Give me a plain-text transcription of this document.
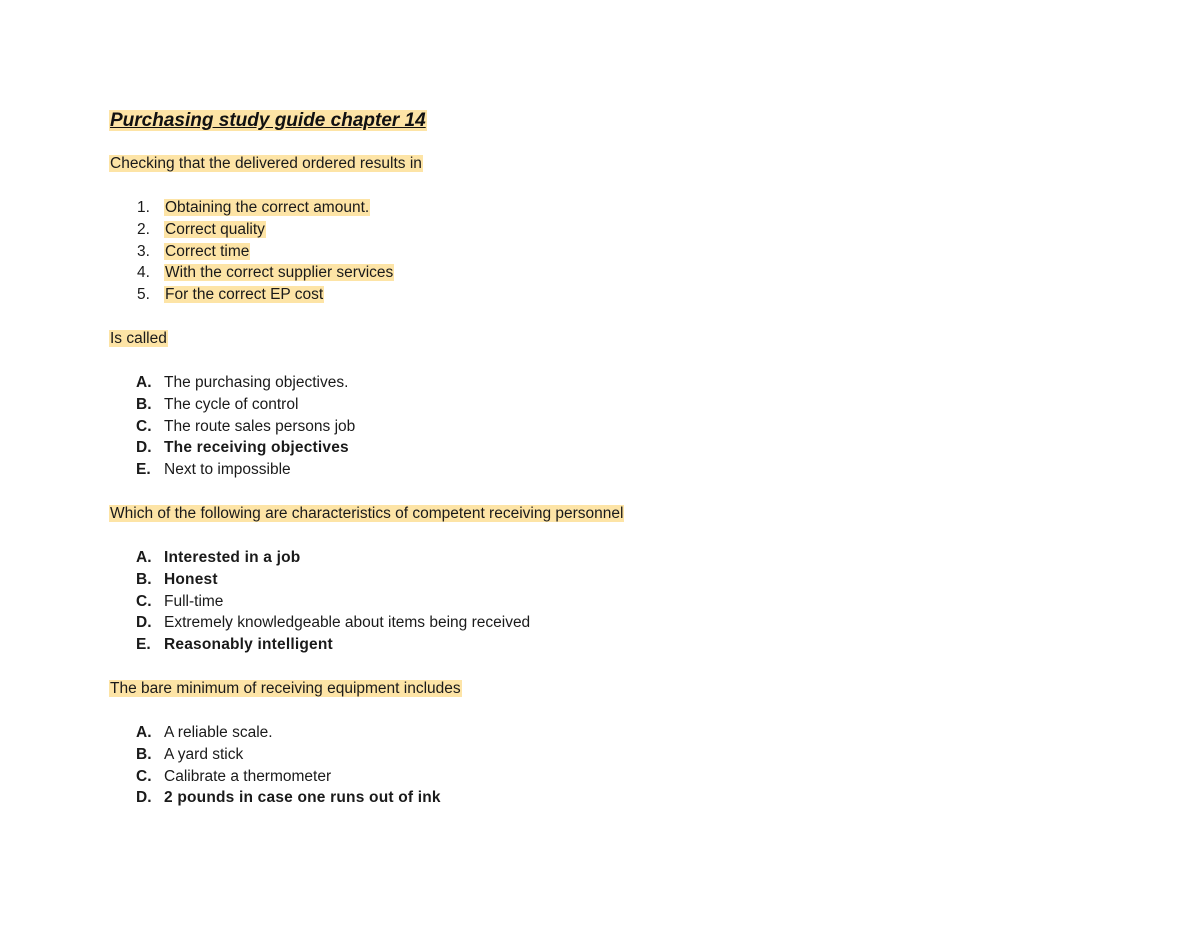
Purchasing study guide chapter 14
Checking that the delivered ordered results in
1. Obtaining the correct amount.
2. Correct quality
3. Correct time
4. With the correct supplier services
5. For the correct EP cost
Is called
A. The purchasing objectives.
B. The cycle of control
C. The route sales persons job
D. The receiving objectives
E. Next to impossible
Which of the following are characteristics of competent receiving personnel
A. Interested in a job
B. Honest
C. Full-time
D. Extremely knowledgeable about items being received
E. Reasonably intelligent
The bare minimum of receiving equipment includes
A. A reliable scale.
B. A yard stick
C. Calibrate a thermometer
D. 2 pounds in case one runs out of ink
